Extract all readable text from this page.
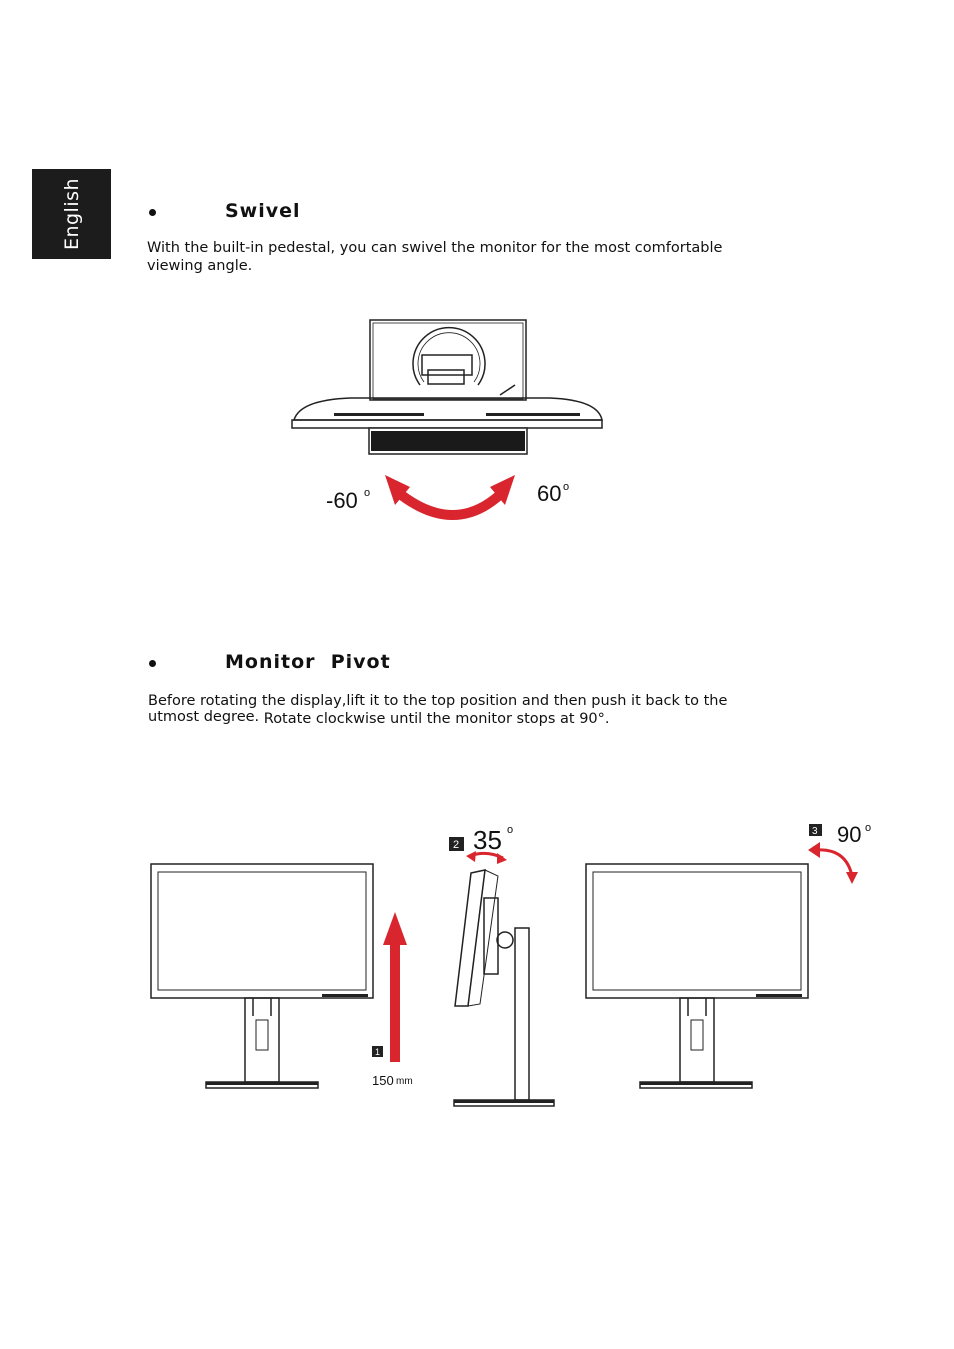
English	Swivel

With the built-in pedestal, you can swivel the monitor for the most comfortable

viewing angle.

-60 o	60 o
Monitor  Pivot

Before rotating the display,lift it to the top position and then push it back to the

utmost degree. Rotate clockwise until the monitor stops at 90°.

1
150 mm
2 35 o	3 90 o
